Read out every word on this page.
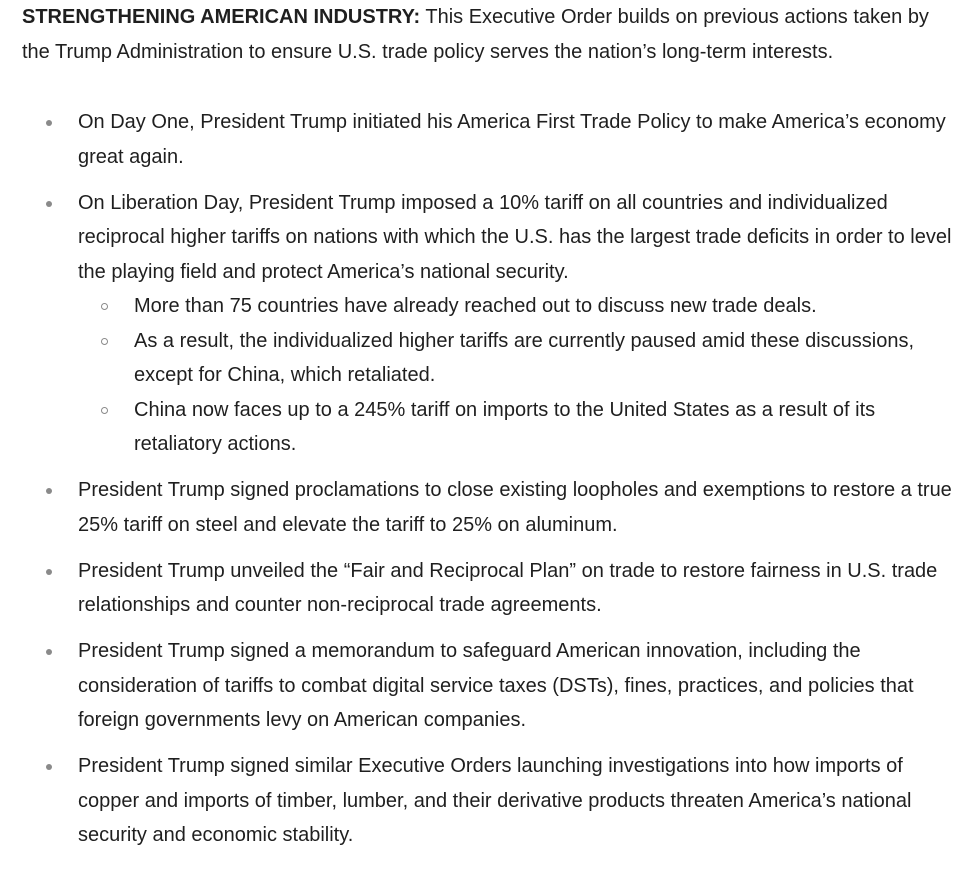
STRENGTHENING AMERICAN INDUSTRY: This Executive Order builds on previous actions taken by the Trump Administration to ensure U.S. trade policy serves the nation’s long-term interests.

On Day One, President Trump initiated his America First Trade Policy to make America’s economy great again.
On Liberation Day, President Trump imposed a 10% tariff on all countries and individualized reciprocal higher tariffs on nations with which the U.S. has the largest trade deficits in order to level the playing field and protect America’s national security.
More than 75 countries have already reached out to discuss new trade deals.
As a result, the individualized higher tariffs are currently paused amid these discussions, except for China, which retaliated.
China now faces up to a 245% tariff on imports to the United States as a result of its retaliatory actions.
President Trump signed proclamations to close existing loopholes and exemptions to restore a true 25% tariff on steel and elevate the tariff to 25% on aluminum.
President Trump unveiled the “Fair and Reciprocal Plan” on trade to restore fairness in U.S. trade relationships and counter non-reciprocal trade agreements.
President Trump signed a memorandum to safeguard American innovation, including the consideration of tariffs to combat digital service taxes (DSTs), fines, practices, and policies that foreign governments levy on American companies.
President Trump signed similar Executive Orders launching investigations into how imports of copper and imports of timber, lumber, and their derivative products threaten America’s national security and economic stability.
